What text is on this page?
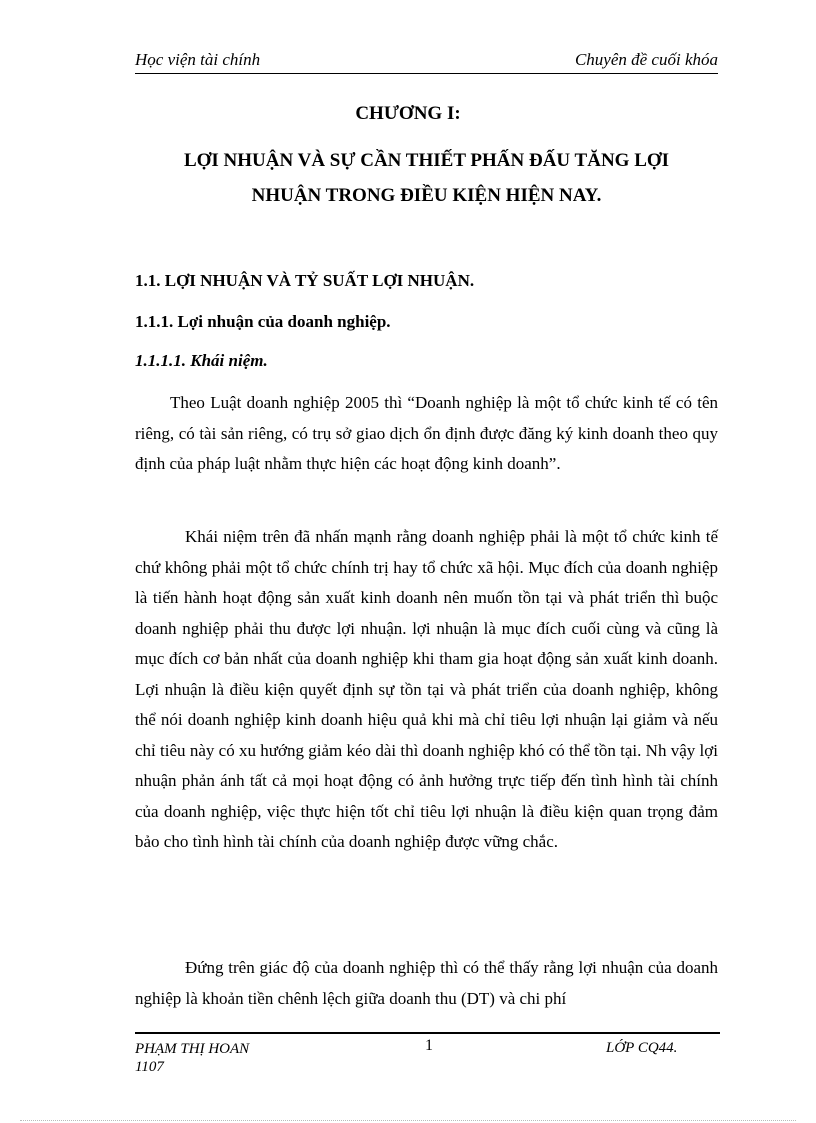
Học viện tài chính	Chuyên đề cuối khóa
CHƯƠNG I:
LỢI NHUẬN VÀ SỰ CẦN THIẾT PHẤN ĐẤU TĂNG LỢI
NHUẬN TRONG ĐIỀU KIỆN HIỆN NAY.
1.1. LỢI NHUẬN VÀ TỶ SUẤT LỢI NHUẬN.
1.1.1. Lợi nhuận của doanh nghiệp.
1.1.1.1. Khái niệm.
Theo Luật doanh nghiệp 2005 thì “Doanh nghiệp là một tổ chức kinh tế có tên riêng, có tài sản riêng, có trụ sở giao dịch ổn định được đăng ký kinh doanh theo quy định của pháp luật nhằm thực hiện các hoạt động kinh doanh”.
Khái niệm trên đã nhấn mạnh rằng doanh nghiệp phải là một tổ chức kinh tế chứ không phải một tổ chức chính trị hay tổ chức xã hội. Mục đích của doanh nghiệp là tiến hành hoạt động sản xuất kinh doanh nên muốn tồn tại và phát triển thì buộc doanh nghiệp phải thu được lợi nhuận. lợi nhuận là mục đích cuối cùng và cũng là mục đích cơ bản nhất của doanh nghiệp khi tham gia hoạt động sản xuất kinh doanh. Lợi nhuận là điều kiện quyết định sự tồn tại và phát triển của doanh nghiệp, không thể nói doanh nghiệp kinh doanh hiệu quả khi mà chỉ tiêu lợi nhuận lại giảm và nếu chỉ tiêu này có xu hướng giảm kéo dài thì doanh nghiệp khó có thể tồn tại. Nh vậy lợi nhuận phản ánh tất cả mọi hoạt động có ảnh hưởng trực tiếp đến tình hình tài chính của doanh nghiệp, việc thực hiện tốt chỉ tiêu lợi nhuận là điều kiện quan trọng đảm bảo cho tình hình tài chính của doanh nghiệp được vững chắc.
Đứng trên giác độ của doanh nghiệp thì có thể thấy rằng lợi nhuận của doanh nghiệp là khoản tiền chênh lệch giữa doanh thu (DT) và chi phí
PHẠM THỊ HOAN
1107
1	LỚP CQ44.
